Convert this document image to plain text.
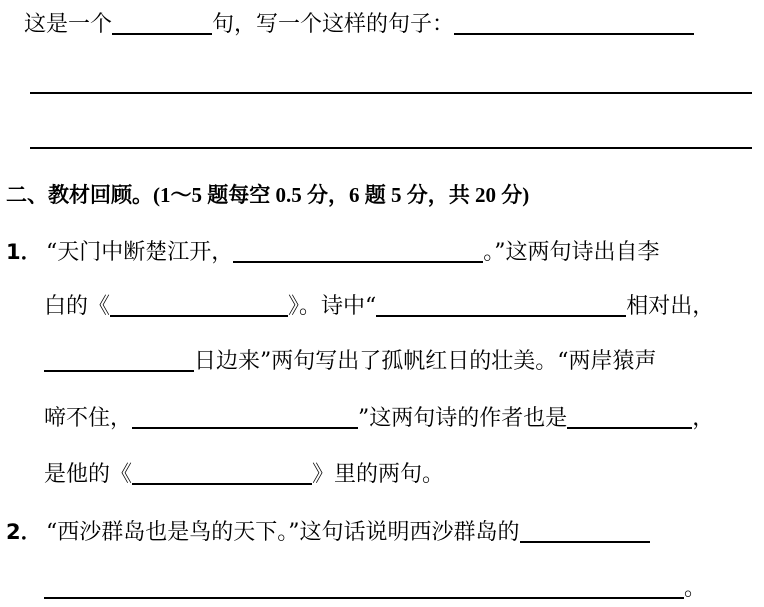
这是一个	句，写一个这样的句子：
二、教材回顾。(1～5 题每空 0.5 分，6 题 5 分，共 20 分)
1． “天门中断楚江开，	。”这两句诗出自李
白的《	》。诗中“	相对出，
日边来”两句写出了孤帆红日的壮美。“两岸猿声
啼不住，	”这两句诗的作者也是	，
是他的《	》里的两句。
2． “西沙群岛也是鸟的天下。”这句话说明西沙群岛的
。
